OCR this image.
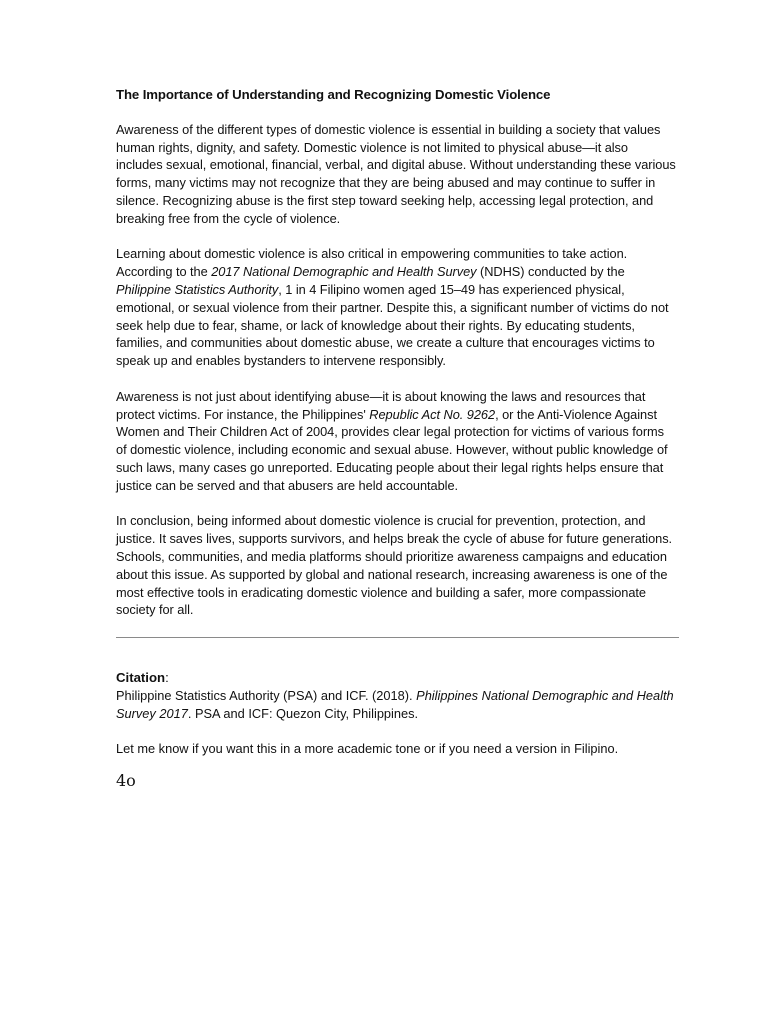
The Importance of Understanding and Recognizing Domestic Violence

Awareness of the different types of domestic violence is essential in building a society that values human rights, dignity, and safety. Domestic violence is not limited to physical abuse—it also includes sexual, emotional, financial, verbal, and digital abuse. Without understanding these various forms, many victims may not recognize that they are being abused and may continue to suffer in silence. Recognizing abuse is the first step toward seeking help, accessing legal protection, and breaking free from the cycle of violence.

Learning about domestic violence is also critical in empowering communities to take action. According to the 2017 National Demographic and Health Survey (NDHS) conducted by the Philippine Statistics Authority, 1 in 4 Filipino women aged 15–49 has experienced physical, emotional, or sexual violence from their partner. Despite this, a significant number of victims do not seek help due to fear, shame, or lack of knowledge about their rights. By educating students, families, and communities about domestic abuse, we create a culture that encourages victims to speak up and enables bystanders to intervene responsibly.

Awareness is not just about identifying abuse—it is about knowing the laws and resources that protect victims. For instance, the Philippines' Republic Act No. 9262, or the Anti-Violence Against Women and Their Children Act of 2004, provides clear legal protection for victims of various forms of domestic violence, including economic and sexual abuse. However, without public knowledge of such laws, many cases go unreported. Educating people about their legal rights helps ensure that justice can be served and that abusers are held accountable.

In conclusion, being informed about domestic violence is crucial for prevention, protection, and justice. It saves lives, supports survivors, and helps break the cycle of abuse for future generations. Schools, communities, and media platforms should prioritize awareness campaigns and education about this issue. As supported by global and national research, increasing awareness is one of the most effective tools in eradicating domestic violence and building a safer, more compassionate society for all.

Citation:

Philippine Statistics Authority (PSA) and ICF. (2018). Philippines National Demographic and Health Survey 2017. PSA and ICF: Quezon City, Philippines.

Let me know if you want this in a more academic tone or if you need a version in Filipino.

4o
